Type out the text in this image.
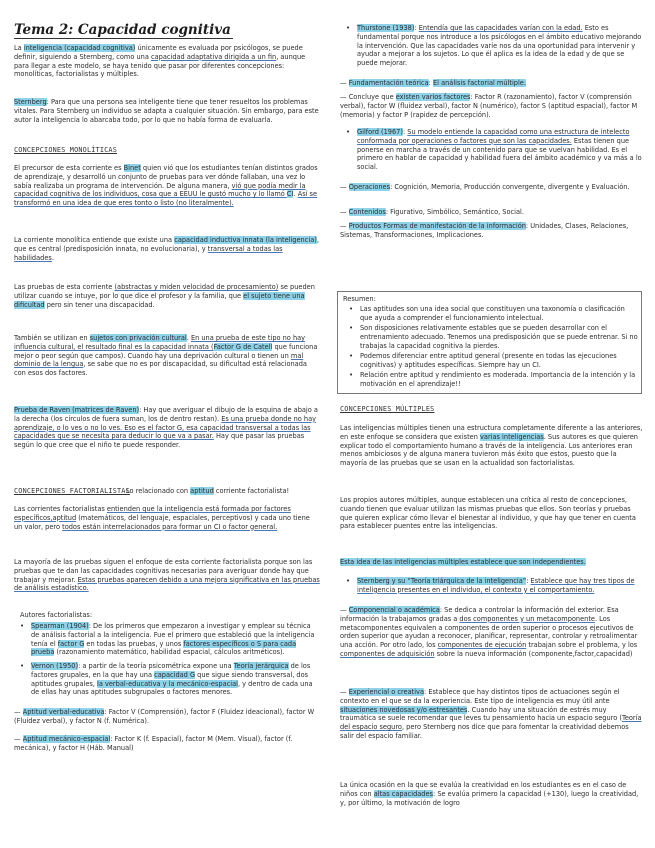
Tema 2: Capacidad cognitiva

La inteligencia (capacidad cognitiva) únicamente es evaluada por psicólogos, se puede definir, siguiendo a Sternberg, como una capacidad adaptativa dirigida a un fin, aunque para llegar a este modelo, se haya tenido que pasar por diferentes concepciones: monolíticas, factorialistas y múltiples.

Sternberg: Para que una persona sea inteligente tiene que tener resueltos los problemas vitales. Para Sternberg un individuo se adapta a cualquier situación. Sin embargo, para este autor la inteligencia lo abarcaba todo, por lo que no había forma de evaluarla.

CONCEPCIONES MONOLÍTICAS

El precursor de esta corriente es Binet quien vió que los estudiantes tenían distintos grados de aprendizaje, y desarrolló un conjunto de pruebas para ver dónde fallaban, una vez lo sabía realizaba un programa de intervención. De alguna manera, vió que podía medir la capacidad cognitiva de los individuos, cosa que a EEUU le gustó mucho y lo llamó CI. Así se transformó en una idea de que eres tonto o listo (no literalmente).

La corriente monolítica entiende que existe una capacidad inductiva innata (la inteligencia), que es central (predisposición innata, no evolucionaria), y transversal a todas las habilidades.

Las pruebas de esta corriente (abstractas y miden velocidad de procesamiento) se pueden utilizar cuando se intuye, por lo que dice el profesor y la familia, que el sujeto tiene una dificultad pero sin tener una discapacidad.

También se utilizan en sujetos con privación cultural. En una prueba de este tipo no hay influencia cultural, el resultado final es la capacidad innata (Factor G de Catell que funciona mejor o peor según que campos). Cuando hay una deprivación cultural o tienen un mal dominio de la lengua, se sabe que no es por discapacidad, su dificultad está relacionada con esos dos factores.

Prueba de Raven (matrices de Raven): Hay que averiguar el dibujo de la esquina de abajo a la derecha (los círculos de fuera suman, los de dentro restan). Es una prueba donde no hay aprendizaje, o lo ves o no lo ves. Eso es el factor G, esa capacidad transversal a todas las capacidades que se necesita para deducir lo que va a pasar. Hay que pasar las pruebas según lo que cree que el niño te puede responder.

CONCEPCIONES FACTORIALISTAS
Lo relacionado con aptitud corriente factorialista!

Las corrientes factorialistas entienden que la inteligencia está formada por factores específicos,aptitud (matemáticos, del lenguaje, espaciales, perceptivos) y cada uno tiene un valor, pero todos están interrelacionados para formar un CI o factor general.

La mayoría de las pruebas siguen el enfoque de esta corriente factorialista porque son las pruebas que te dan las capacidades cognitivas necesarias para averiguar donde hay que trabajar y mejorar. Estas pruebas aparecen debido a una mejora significativa en las pruebas de análisis estadístico.

Autores factorialistas:
• Spearman (1904): De los primeros que empezaron a investigar y emplear su técnica de análisis factorial a la inteligencia. Fue el primero que estableció que la inteligencia tenía el factor G en todas las pruebas, y unos factores específicos o S para cada prueba (razonamiento matemático, habilidad espacial, cálculos aritméticos).
• Vernon (1950): a partir de la teoría psicométrica expone una Teoría jerárquica de los factores grupales, en la que hay una capacidad G que sigue siendo transversal, dos aptitudes grupales, la verbal-educativa y la mecánico-espacial, y dentro de cada una de ellas hay unas aptitudes subgrupales o factores menores.
— Aptitud verbal-educativa: Factor V (Comprensión), factor F (Fluidez ideacional), factor W (Fluidez verbal), y factor N (f. Numérica).
— Aptitud mecánico-espacial: Factor K (f. Espacial), factor M (Mem. Visual), factor (f. mecánica), y factor H (Háb. Manual)
• Thurstone (1938): Entendía que las capacidades varían con la edad. Esto es fundamental porque nos introduce a los psicólogos en el ámbito educativo mejorando la intervención. Que las capacidades varíe nos da una oportunidad para intervenir y ayudar a mejorar a los sujetos. Lo que él aplica es la idea de la edad y de que se puede mejorar.
— Fundamentación teórica: El análisis factorial múltiple.
— Concluye que existen varios factores: Factor R (razonamiento), factor V (comprensión verbal), factor W (fluidez verbal), factor N (numérico), factor S (aptitud espacial), factor M (memoria) y factor P (rapidez de percepción).
• Gilford (1967): Su modelo entiende la capacidad como una estructura de intelecto conformada por operaciones o factores que son las capacidades. Estas tienen que ponerse en marcha a través de un contenido para que se vuelvan habilidad. Es el primero en hablar de capacidad y habilidad fuera del ámbito académico y va más a lo social.
— Operaciones: Cognición, Memoria, Producción convergente, divergente y Evaluación.
— Contenidos: Figurativo, Simbólico, Semántico, Social.
— Productos Formas de manifestación de la información: Unidades, Clases, Relaciones, Sistemas, Transformaciones, Implicaciones.
Resumen:
• Las aptitudes son una idea social que constituyen una taxonomía o clasificación que ayuda a comprender el funcionamiento intelectual.
• Son disposiciones relativamente estables que se pueden desarrollar con el entrenamiento adecuado. Tenemos una predisposición que se puede entrenar. Si no trabajas la capacidad cognitiva la pierdes.
• Podemos diferenciar entre aptitud general (presente en todas las ejecuciones cognitivas) y aptitudes específicas. Siempre hay un CI.
• Relación entre aptitud y rendimiento es moderada. Importancia de la intención y la motivación en el aprendizaje!!
CONCEPCIONES MÚLTIPLES

Las inteligencias múltiples tienen una estructura completamente diferente a las anteriores, en este enfoque se considera que existen varias inteligencias. Sus autores es que quieren explicar todo el comportamiento humano a través de la inteligencia. Los anteriores eran menos ambiciosos y de alguna manera tuvieron más éxito que estos, puesto que la mayoría de las pruebas que se usan en la actualidad son factorialistas.

Los propios autores múltiples, aunque establecen una crítica al resto de concepciones, cuando tienen que evaluar utilizan las mismas pruebas que ellos. Son teorías y pruebas que quieren explicar cómo llevar el bienestar al individuo, y que hay que tener en cuenta para establecer puentes entre las inteligencias.

Esta idea de las inteligencias múltiples establece que son independientes.

• Sternberg y su “Teoría triárquica de la inteligencia”: Establece que hay tres tipos de inteligencia presentes en el individuo, el contexto y el comportamiento.
— Componencial o académica: Se dedica a controlar la información del exterior. Esa información la trabajamos gradas a dos componentes y un metacomponente. Los metacomponentes equivalen a componentes de orden superior o procesos ejecutivos de orden superior que ayudan a reconocer, planificar, representar, controlar y retroalimentar una acción. Por otro lado, los componentes de ejecución trabajan sobre el problema, y los componentes de adquisición sobre la nueva información (componente,factor,capacidad)
— Experiencial o creativa: Establece que hay distintos tipos de actuaciones según el contexto en el que se da la experiencia. Este tipo de inteligencia es muy útil ante situaciones novedosas y/o estresantes. Cuando hay una situación de estrés muy traumática se suele recomendar que leves tu pensamiento hacia un espacio seguro (Teoría del espacio seguro, pero Sternberg nos dice que para fomentar la creatividad debemos salir del espacio familiar.

La única ocasión en la que se evalúa la creatividad en los estudiantes es en el caso de niños con altas capacidades: Se evalúa primero la capacidad (+130), luego la creatividad, y, por último, la motivación de logro
